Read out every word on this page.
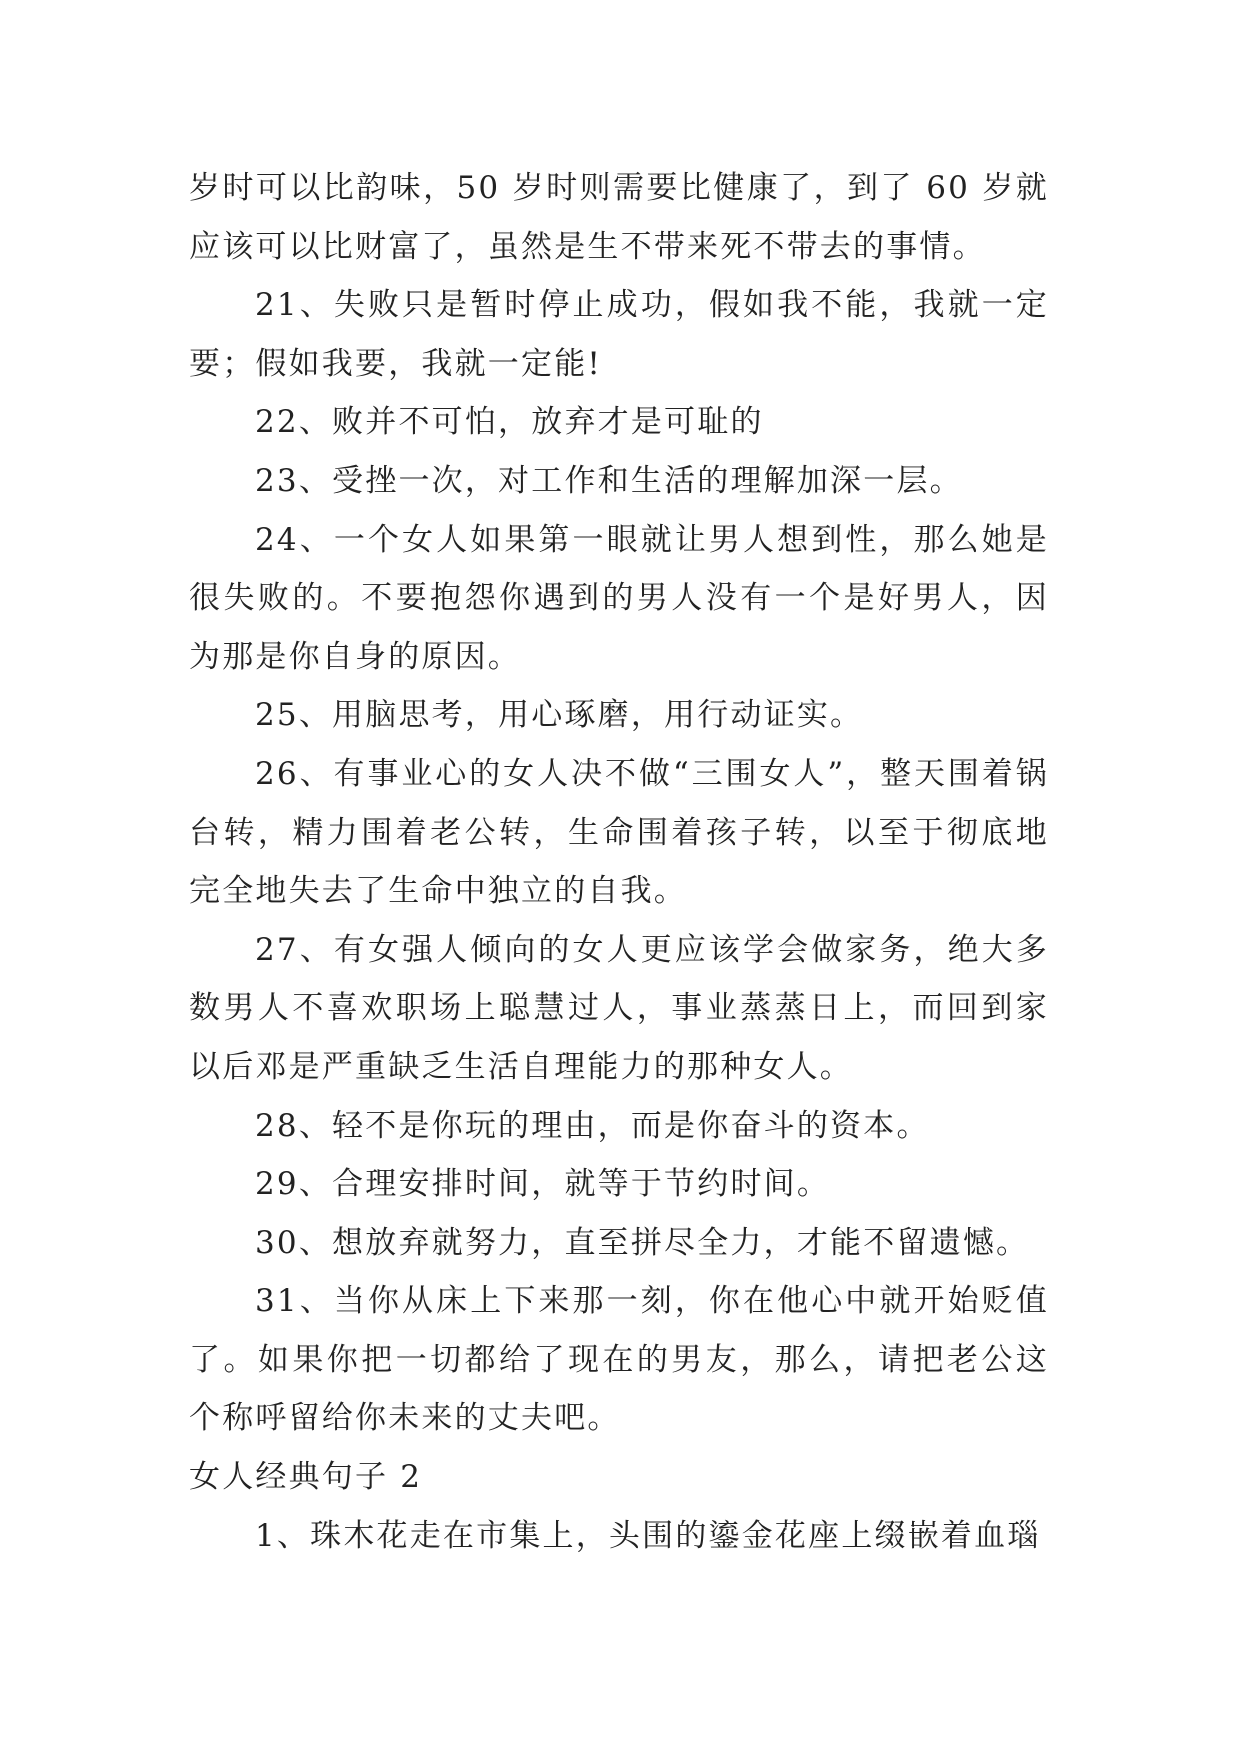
岁时可以比韵味，50 岁时则需要比健康了，到了 60 岁就应该可以比财富了，虽然是生不带来死不带去的事情。

21、失败只是暂时停止成功，假如我不能，我就一定要；假如我要，我就一定能!

22、败并不可怕，放弃才是可耻的

23、受挫一次，对工作和生活的理解加深一层。

24、一个女人如果第一眼就让男人想到性，那么她是很失败的。不要抱怨你遇到的男人没有一个是好男人，因为那是你自身的原因。

25、用脑思考，用心琢磨，用行动证实。

26、有事业心的女人决不做“三围女人”，整天围着锅台转，精力围着老公转，生命围着孩子转，以至于彻底地完全地失去了生命中独立的自我。

27、有女强人倾向的女人更应该学会做家务，绝大多数男人不喜欢职场上聪慧过人，事业蒸蒸日上，而回到家以后邓是严重缺乏生活自理能力的那种女人。

28、轻不是你玩的理由，而是你奋斗的资本。

29、合理安排时间，就等于节约时间。

30、想放弃就努力，直至拼尽全力，才能不留遗憾。

31、当你从床上下来那一刻，你在他心中就开始贬值了。如果你把一切都给了现在的男友，那么，请把老公这个称呼留给你未来的丈夫吧。

女人经典句子 2

1、珠木花走在市集上，头围的鎏金花座上缀嵌着血瑙
